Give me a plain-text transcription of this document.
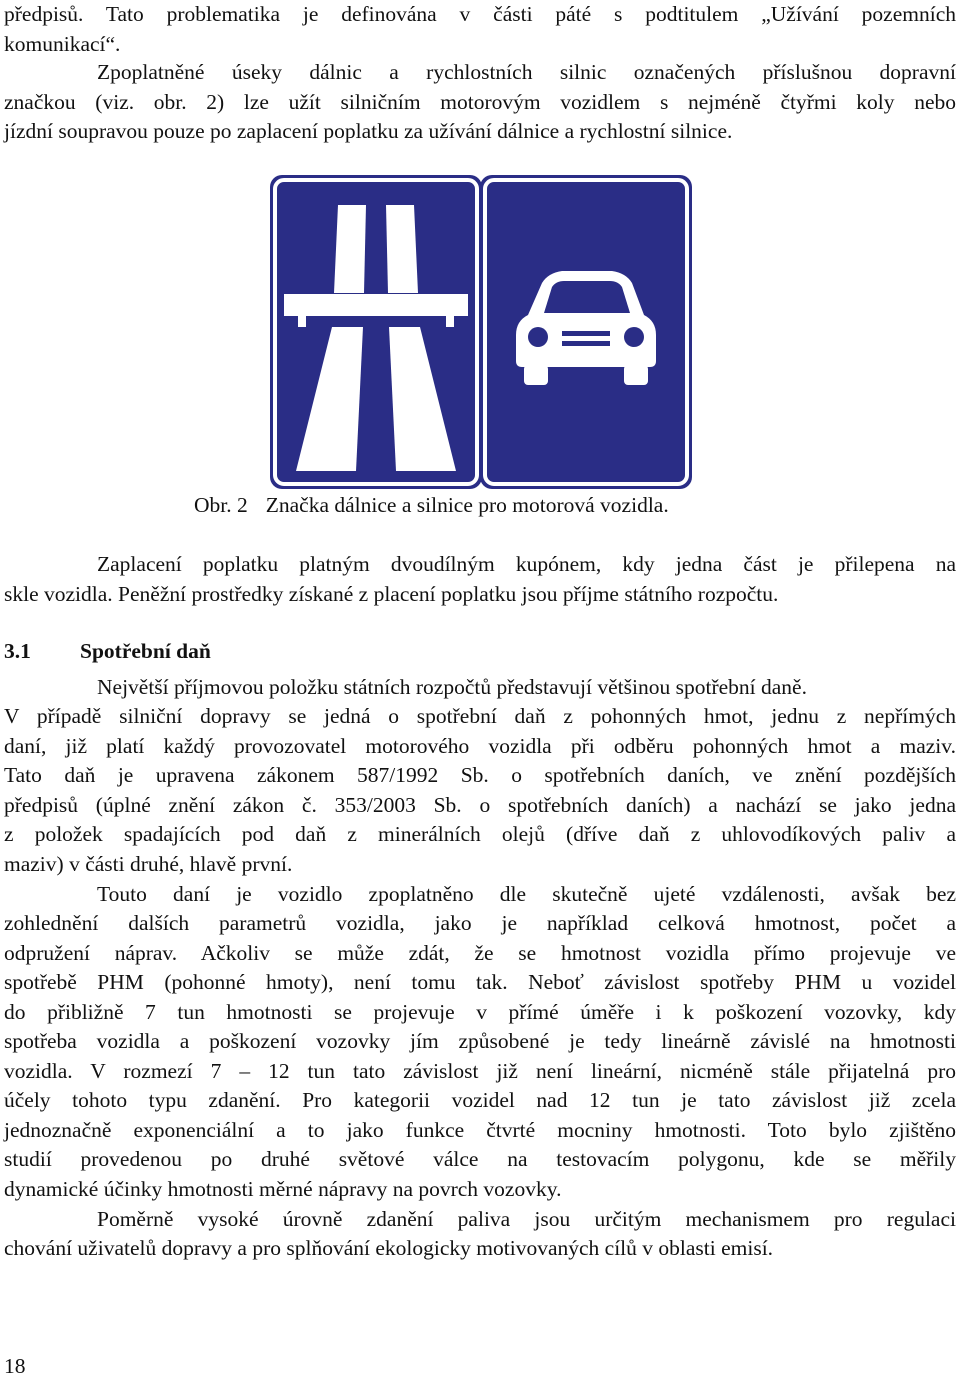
předpisů. Tato problematika je definována v části páté s podtitulem „Užívání pozemních
komunikací“.
Zpoplatněné úseky dálnic a rychlostních silnic označených příslušnou dopravní
značkou (viz. obr. 2) lze užít silničním motorovým vozidlem s nejméně čtyřmi koly nebo
jízdní soupravou pouze po zaplacení poplatku za užívání dálnice a rychlostní silnice.
Obr. 2 Značka dálnice a silnice pro motorová vozidla.
Zaplacení poplatku platným dvoudílným kupónem, kdy jedna část je přilepena na
skle vozidla. Peněžní prostředky získané z placení poplatku jsou příjme státního rozpočtu.
3.1 Spotřební daň
Největší příjmovou položku státních rozpočtů představují většinou spotřební daně.
V případě silniční dopravy se jedná o spotřební daň z pohonných hmot, jednu z nepřímých
daní, již platí každý provozovatel motorového vozidla při odběru pohonných hmot a maziv.
Tato daň je upravena zákonem 587/1992 Sb. o spotřebních daních, ve znění pozdějších
předpisů (úplné znění zákon č. 353/2003 Sb. o spotřebních daních) a nachází se jako jedna
z položek spadajících pod daň z minerálních olejů (dříve daň z uhlovodíkových paliv a
maziv) v části druhé, hlavě první.
Touto daní je vozidlo zpoplatněno dle skutečně ujeté vzdálenosti, avšak bez
zohlednění dalších parametrů vozidla, jako je například celková hmotnost, počet a
odpružení náprav. Ačkoliv se může zdát, že se hmotnost vozidla přímo projevuje ve
spotřebě PHM (pohonné hmoty), není tomu tak. Neboť závislost spotřeby PHM u vozidel
do přibližně 7 tun hmotnosti se projevuje v přímé úměře i k poškození vozovky, kdy
spotřeba vozidla a poškození vozovky jím způsobené je tedy lineárně závislé na hmotnosti
vozidla. V rozmezí 7 – 12 tun tato závislost již není lineární, nicméně stále přijatelná pro
účely tohoto typu zdanění. Pro kategorii vozidel nad 12 tun je tato závislost již zcela
jednoznačně exponenciální a to jako funkce čtvrté mocniny hmotnosti. Toto bylo zjištěno
studií provedenou po druhé světové válce na testovacím polygonu, kde se měřily
dynamické účinky hmotnosti měrné nápravy na povrch vozovky.
Poměrně vysoké úrovně zdanění paliva jsou určitým mechanismem pro regulaci
chování uživatelů dopravy a pro splňování ekologicky motivovaných cílů v oblasti emisí.
18
